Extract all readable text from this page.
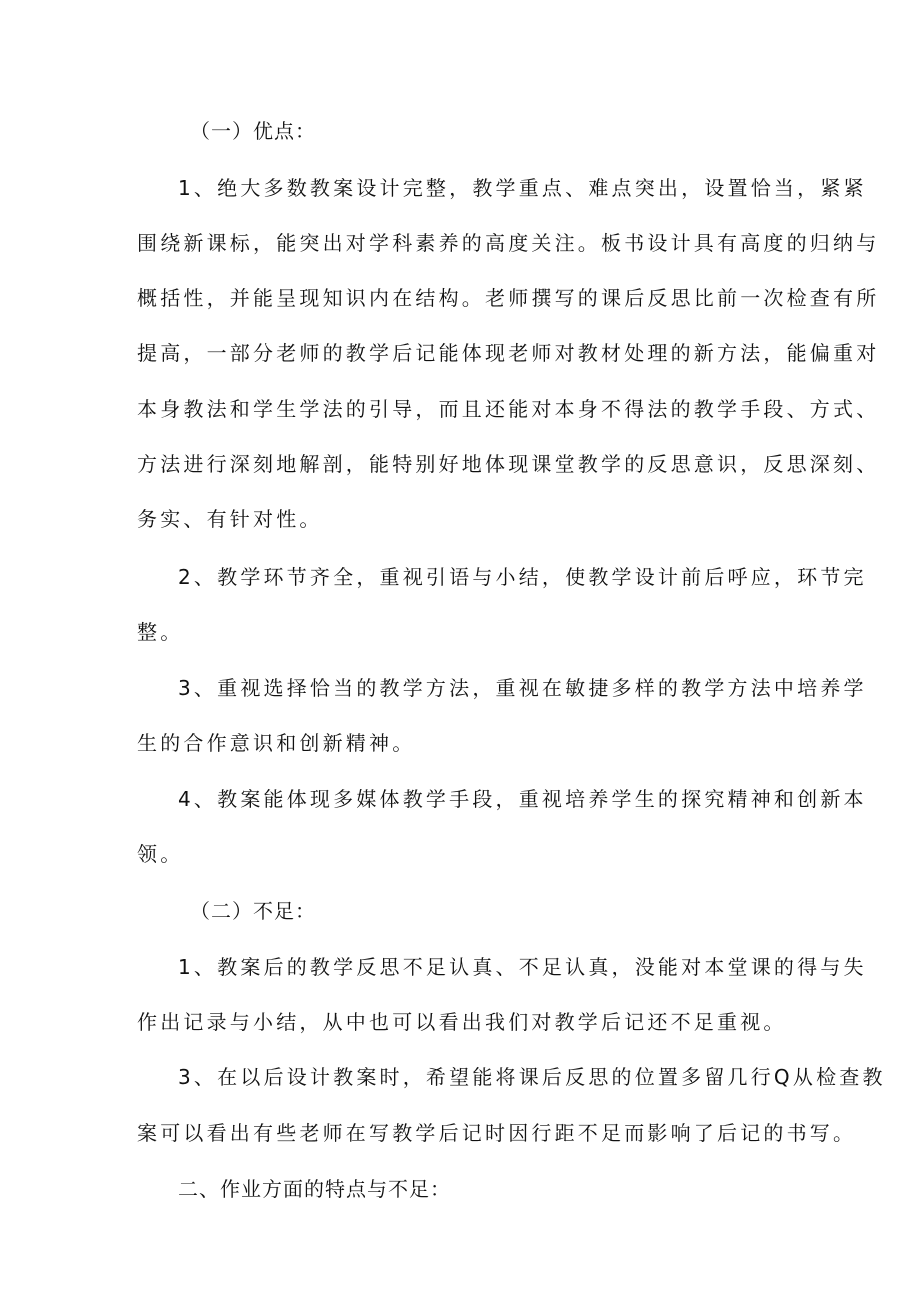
（一）优点：
1、绝大多数教案设计完整，教学重点、难点突出，设置恰当，紧紧
围绕新课标，能突出对学科素养的高度关注。板书设计具有高度的归纳与
概括性，并能呈现知识内在结构。老师撰写的课后反思比前一次检查有所
提高，一部分老师的教学后记能体现老师对教材处理的新方法，能偏重对
本身教法和学生学法的引导，而且还能对本身不得法的教学手段、方式、
方法进行深刻地解剖，能特别好地体现课堂教学的反思意识，反思深刻、
务实、有针对性。
2、教学环节齐全，重视引语与小结，使教学设计前后呼应，环节完
整。
3、重视选择恰当的教学方法，重视在敏捷多样的教学方法中培养学
生的合作意识和创新精神。
4、教案能体现多媒体教学手段，重视培养学生的探究精神和创新本
领。
（二）不足：
1、教案后的教学反思不足认真、不足认真，没能对本堂课的得与失
作出记录与小结，从中也可以看出我们对教学后记还不足重视。
3、在以后设计教案时，希望能将课后反思的位置多留几行Q从检查教
案可以看出有些老师在写教学后记时因行距不足而影响了后记的书写。
二、作业方面的特点与不足：
